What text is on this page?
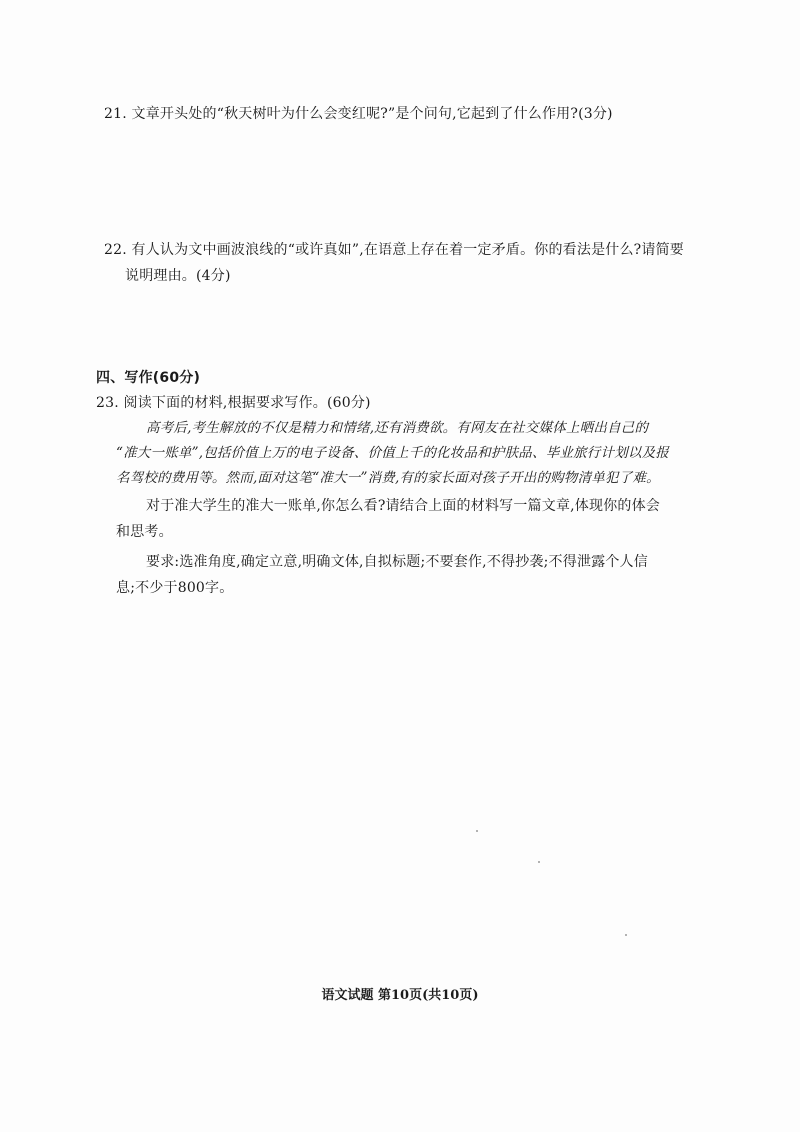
21. 文章开头处的“秋天树叶为什么会变红呢?”是个问句,它起到了什么作用?(3分)
22. 有人认为文中画波浪线的“或许真如”,在语意上存在着一定矛盾。你的看法是什么?请简要
说明理由。(4分)
四、写作(60分)
23. 阅读下面的材料,根据要求写作。(60分)
高考后,考生解放的不仅是精力和情绪,还有消费欲。有网友在社交媒体上晒出自己的
“准大一账单”,包括价值上万的电子设备、价值上千的化妆品和护肤品、毕业旅行计划以及报
名驾校的费用等。然而,面对这笔“准大一”消费,有的家长面对孩子开出的购物清单犯了难。
对于准大学生的准大一账单,你怎么看?请结合上面的材料写一篇文章,体现你的体会
和思考。
要求:选准角度,确定立意,明确文体,自拟标题;不要套作,不得抄袭;不得泄露个人信
息;不少于800字。
语文试题 第10页(共10页)
